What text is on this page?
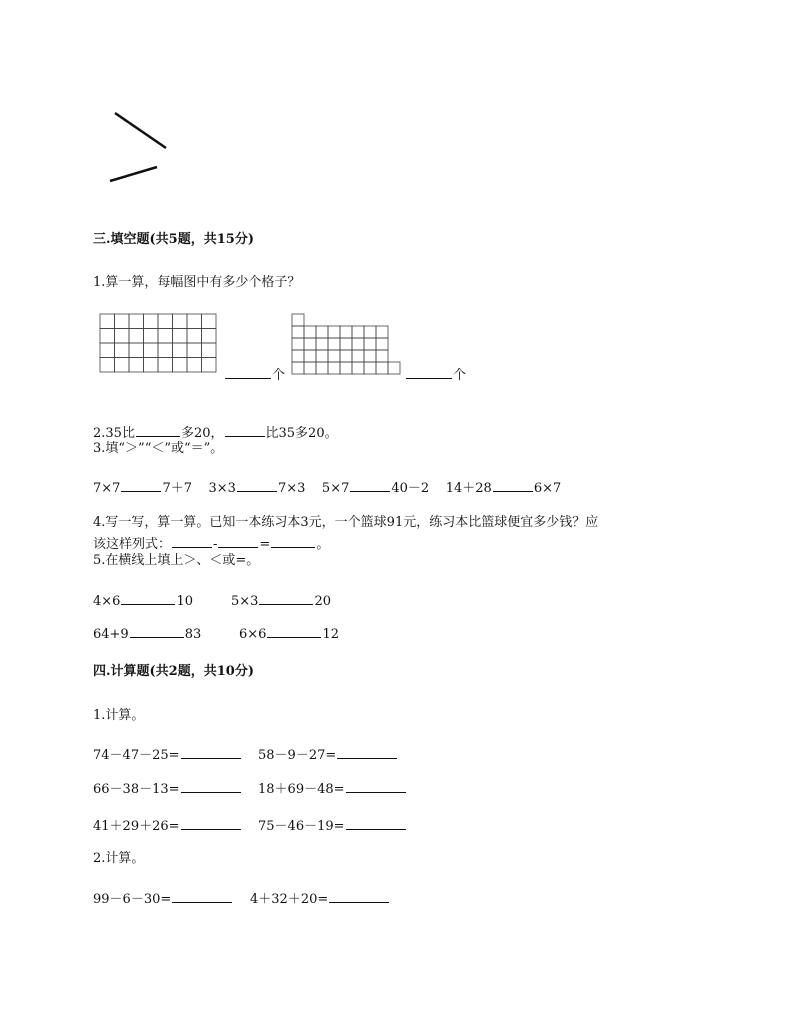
三.填空题(共5题，共15分)
1.算一算，每幅图中有多少个格子？
个	个
2.35比	多20，	比35多20。
3.填“＞”“＜”或“＝”。
7×7	7＋7 3×3	7×3 5×7	40－2 14＋28	6×7
4.写一写，算一算。已知一本练习本3元，一个篮球91元，练习本比篮球便宜多少钱？应
该这样列式：	-	=	。
5.在横线上填上＞、＜或=。
4×6	10	5×3	20
64+9	83	6×6	12
四.计算题(共2题，共10分)
1.计算。
74－47－25=	58－9－27=
66－38－13=	18＋69－48=
41＋29＋26=	75－46－19=
2.计算。
99－6－30=	4＋32＋20=
